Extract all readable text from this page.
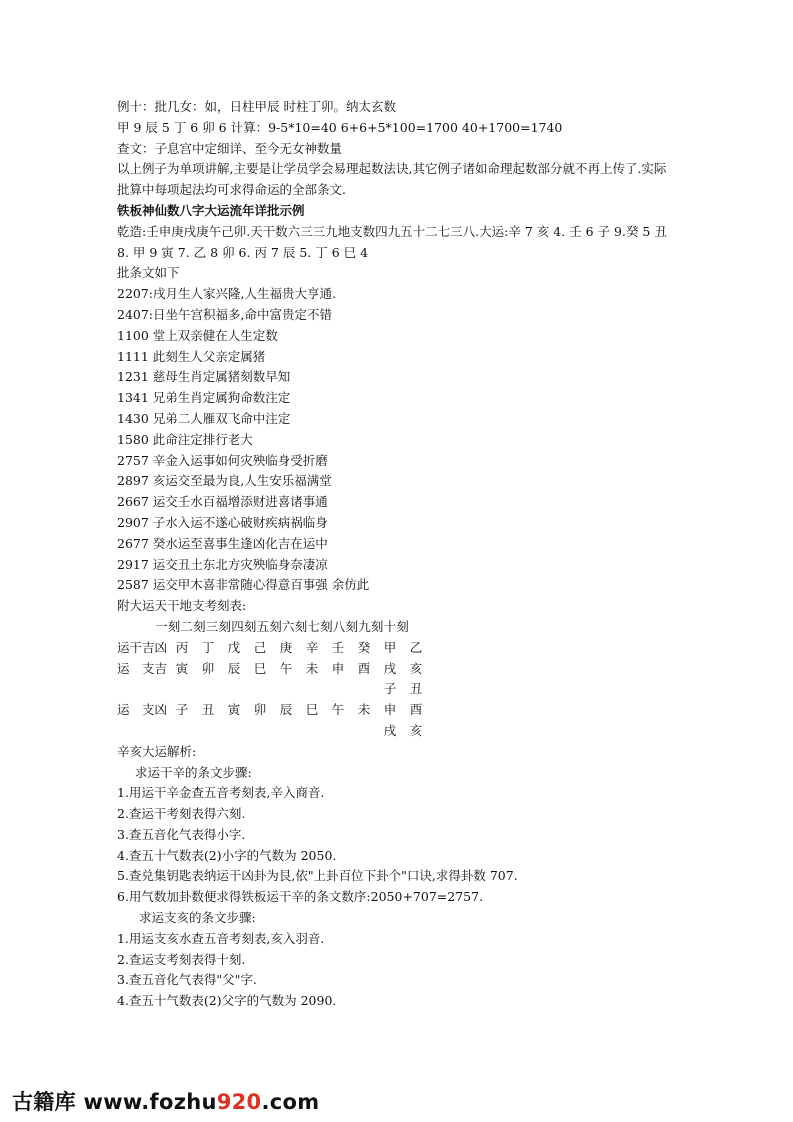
例十：批几女：如，日柱甲辰 时柱丁卯。纳太玄数
甲 9 辰 5 丁 6 卯 6 计算：9-5*10=40 6+6+5*100=1700 40+1700=1740
查文：子息宫中定细详、至今无女神数量
以上例子为单项讲解,主要是让学员学会易理起数法诀,其它例子诸如命理起数部分就不再上传了.实际批算中每项起法均可求得命运的全部条文.
铁板神仙数八字大运流年详批示例
乾造:壬申庚戌庚午己卯.天干数六三三九地支数四九五十二七三八.大运:辛 7 亥 4. 壬 6 子 9.癸 5 丑 8. 甲 9 寅 7. 乙 8 卯 6. 丙 7 辰 5. 丁 6 巳 4
批条文如下
2207:戌月生人家兴隆,人生福贵大亨通.
2407:日坐午宫积福多,命中富贵定不错
1100 堂上双亲健在人生定数
1111 此刻生人父亲定属猪
1231 慈母生肖定属猪刻数早知
1341 兄弟生肖定属狗命数注定
1430 兄弟二人雁双飞命中注定
1580 此命注定排行老大
2757 辛金入运事如何灾殃临身受折磨
2897 亥运交至最为良,人生安乐福满堂
2667 运交壬水百福增添财进喜诸事通
2907 子水入运不遂心破财疾病祸临身
2677 癸水运至喜事生逢凶化吉在运中
2917 运交丑土东北方灾殃临身奈凄凉
2587 运交甲木喜非常随心得意百事强 余仿此
附大运天干地支考刻表:
一刻二刻三刻四刻五刻六刻七刻八刻九刻十刻
运干吉凶	丙	丁	戊	己	庚	辛	壬	癸	甲	乙
运　支吉	寅	卯	辰	巳	午	未	申	酉	戌	亥
									子	丑
运　支凶	子	丑	寅	卯	辰	巳	午	未	申	酉
									戌	亥
辛亥大运解析:
求运干辛的条文步骤:
1.用运干辛金查五音考刻表,辛入商音.
2.查运干考刻表得六刻.
3.查五音化气表得小字.
4.查五十气数表(2)小字的气数为 2050.
5.查兑集钥匙表纳运干凶卦为艮,依"上卦百位下卦个"口诀,求得卦数 707.
6.用气数加卦数便求得铁板运干辛的条文数序:2050+707=2757.
求运支亥的条文步骤:
1.用运支亥水查五音考刻表,亥入羽音.
2.查运支考刻表得十刻.
3.查五音化气表得"父"字.
4.查五十气数表(2)父字的气数为 2090.
古籍库 www.fozhu920.com
